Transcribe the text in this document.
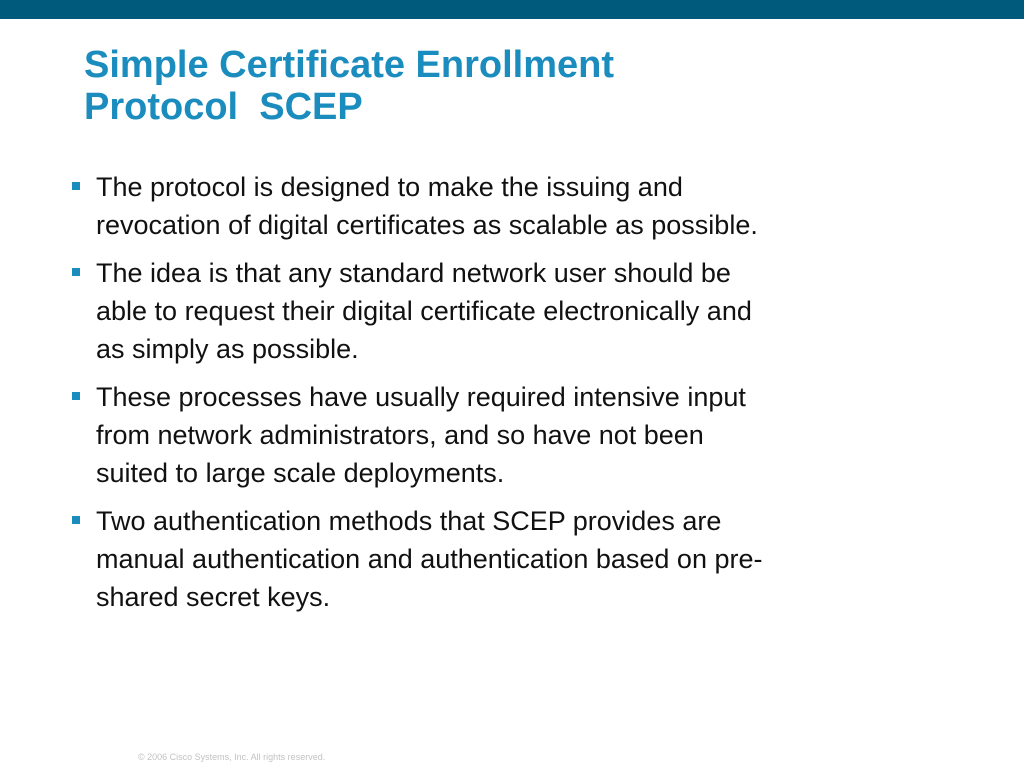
Simple Certificate Enrollment
Protocol  SCEP
The protocol is designed to make the issuing and
revocation of digital certificates as scalable as possible.
The idea is that any standard network user should be
able to request their digital certificate electronically and
as simply as possible.
These processes have usually required intensive input
from network administrators, and so have not been
suited to large scale deployments.
Two authentication methods that SCEP provides are
manual authentication and authentication based on pre-
shared secret keys.
© 2006 Cisco Systems, Inc. All rights reserved.
